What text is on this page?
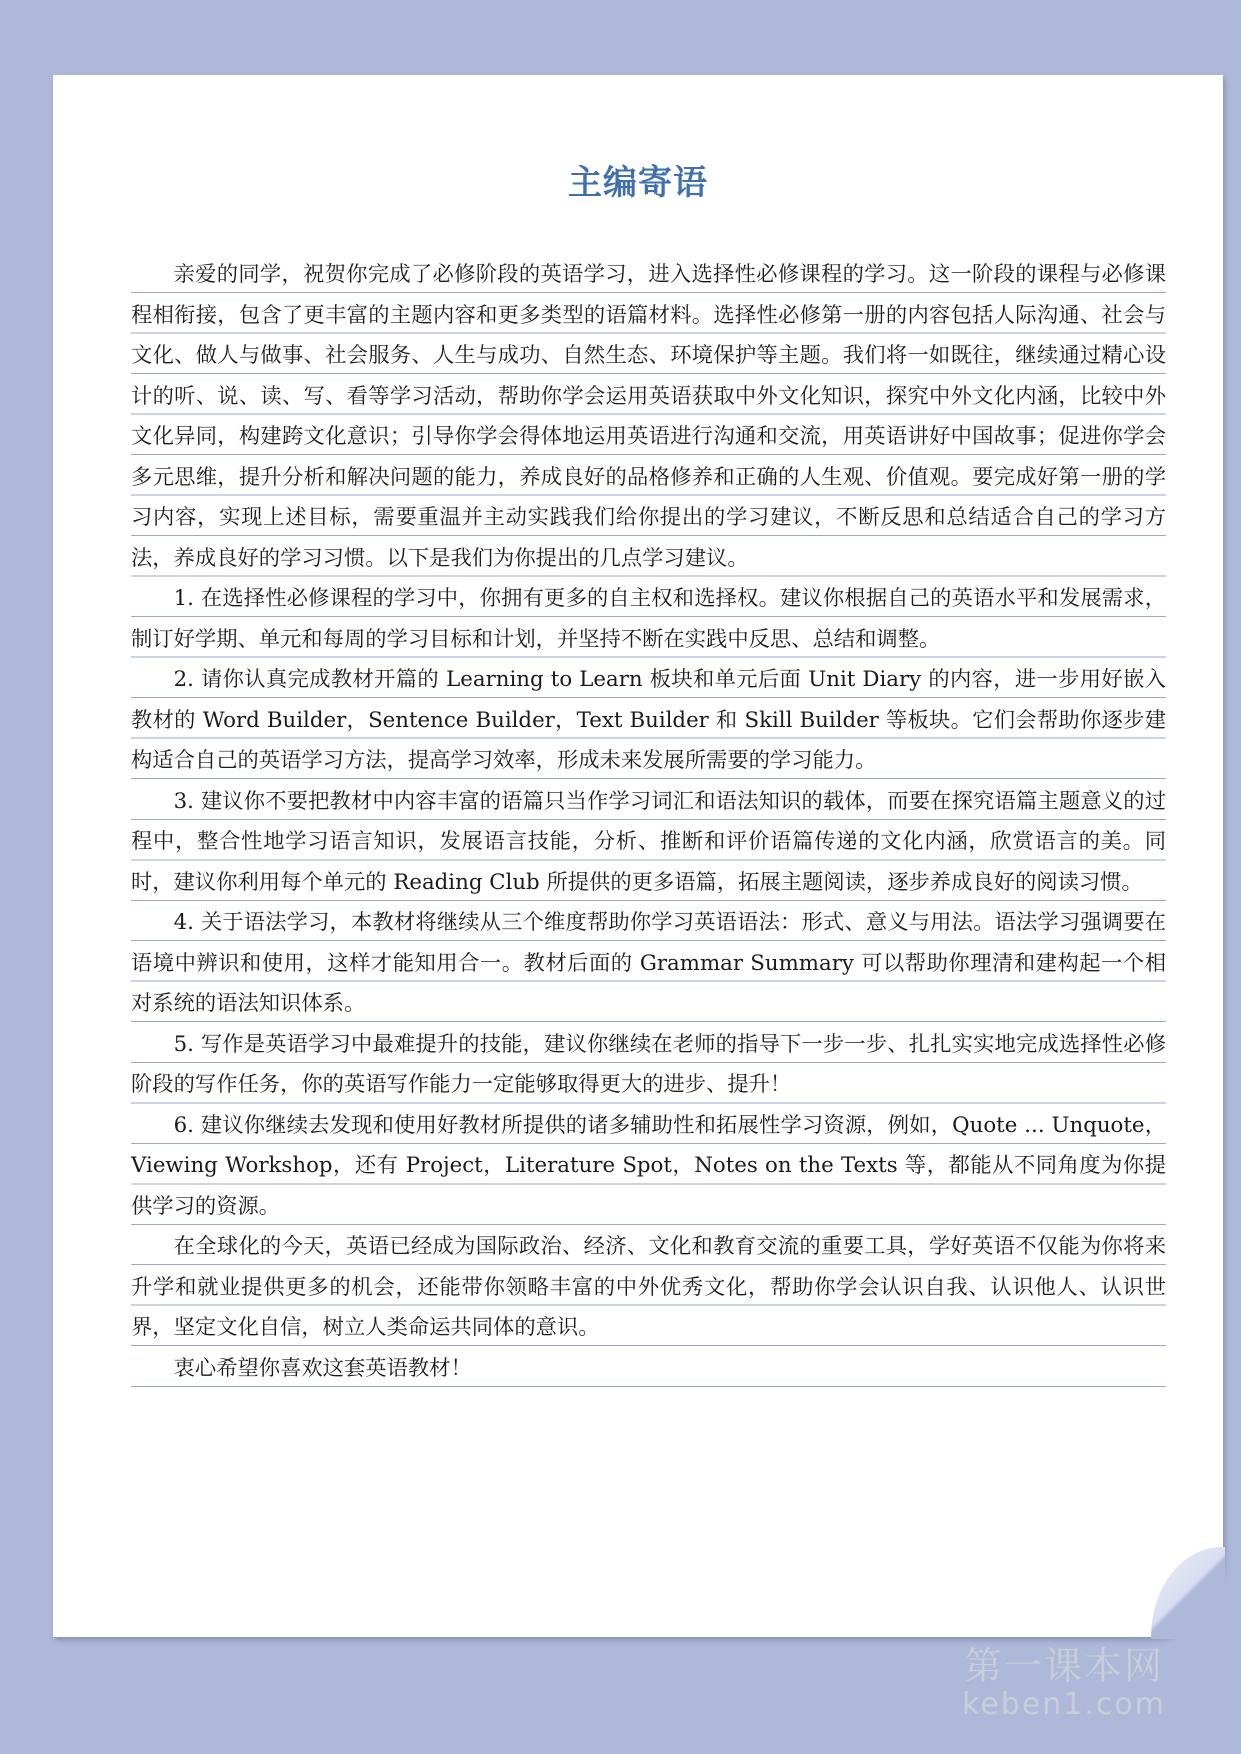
主编寄语

亲爱的同学，祝贺你完成了必修阶段的英语学习，进入选择性必修课程的学习。这一阶段的课程与必修课程相衔接，包含了更丰富的主题内容和更多类型的语篇材料。选择性必修第一册的内容包括人际沟通、社会与文化、做人与做事、社会服务、人生与成功、自然生态、环境保护等主题。我们将一如既往，继续通过精心设计的听、说、读、写、看等学习活动，帮助你学会运用英语获取中外文化知识，探究中外文化内涵，比较中外文化异同，构建跨文化意识；引导你学会得体地运用英语进行沟通和交流，用英语讲好中国故事；促进你学会多元思维，提升分析和解决问题的能力，养成良好的品格修养和正确的人生观、价值观。要完成好第一册的学习内容，实现上述目标，需要重温并主动实践我们给你提出的学习建议，不断反思和总结适合自己的学习方法，养成良好的学习习惯。以下是我们为你提出的几点学习建议。

1. 在选择性必修课程的学习中，你拥有更多的自主权和选择权。建议你根据自己的英语水平和发展需求，制订好学期、单元和每周的学习目标和计划，并坚持不断在实践中反思、总结和调整。

2. 请你认真完成教材开篇的 Learning to Learn 板块和单元后面 Unit Diary 的内容，进一步用好嵌入教材的 Word Builder，Sentence Builder，Text Builder 和 Skill Builder 等板块。它们会帮助你逐步建构适合自己的英语学习方法，提高学习效率，形成未来发展所需要的学习能力。

3. 建议你不要把教材中内容丰富的语篇只当作学习词汇和语法知识的载体，而要在探究语篇主题意义的过程中，整合性地学习语言知识，发展语言技能，分析、推断和评价语篇传递的文化内涵，欣赏语言的美。同时，建议你利用每个单元的 Reading Club 所提供的更多语篇，拓展主题阅读，逐步养成良好的阅读习惯。

4. 关于语法学习，本教材将继续从三个维度帮助你学习英语语法：形式、意义与用法。语法学习强调要在语境中辨识和使用，这样才能知用合一。教材后面的 Grammar Summary 可以帮助你理清和建构起一个相对系统的语法知识体系。

5. 写作是英语学习中最难提升的技能，建议你继续在老师的指导下一步一步、扎扎实实地完成选择性必修阶段的写作任务，你的英语写作能力一定能够取得更大的进步、提升！

6. 建议你继续去发现和使用好教材所提供的诸多辅助性和拓展性学习资源，例如，Quote ... Unquote，Viewing Workshop，还有 Project，Literature Spot，Notes on the Texts 等，都能从不同角度为你提供学习的资源。

在全球化的今天，英语已经成为国际政治、经济、文化和教育交流的重要工具，学好英语不仅能为你将来升学和就业提供更多的机会，还能带你领略丰富的中外优秀文化，帮助你学会认识自我、认识他人、认识世界，坚定文化自信，树立人类命运共同体的意识。

衷心希望你喜欢这套英语教材！

第一课本网
keben1.com
